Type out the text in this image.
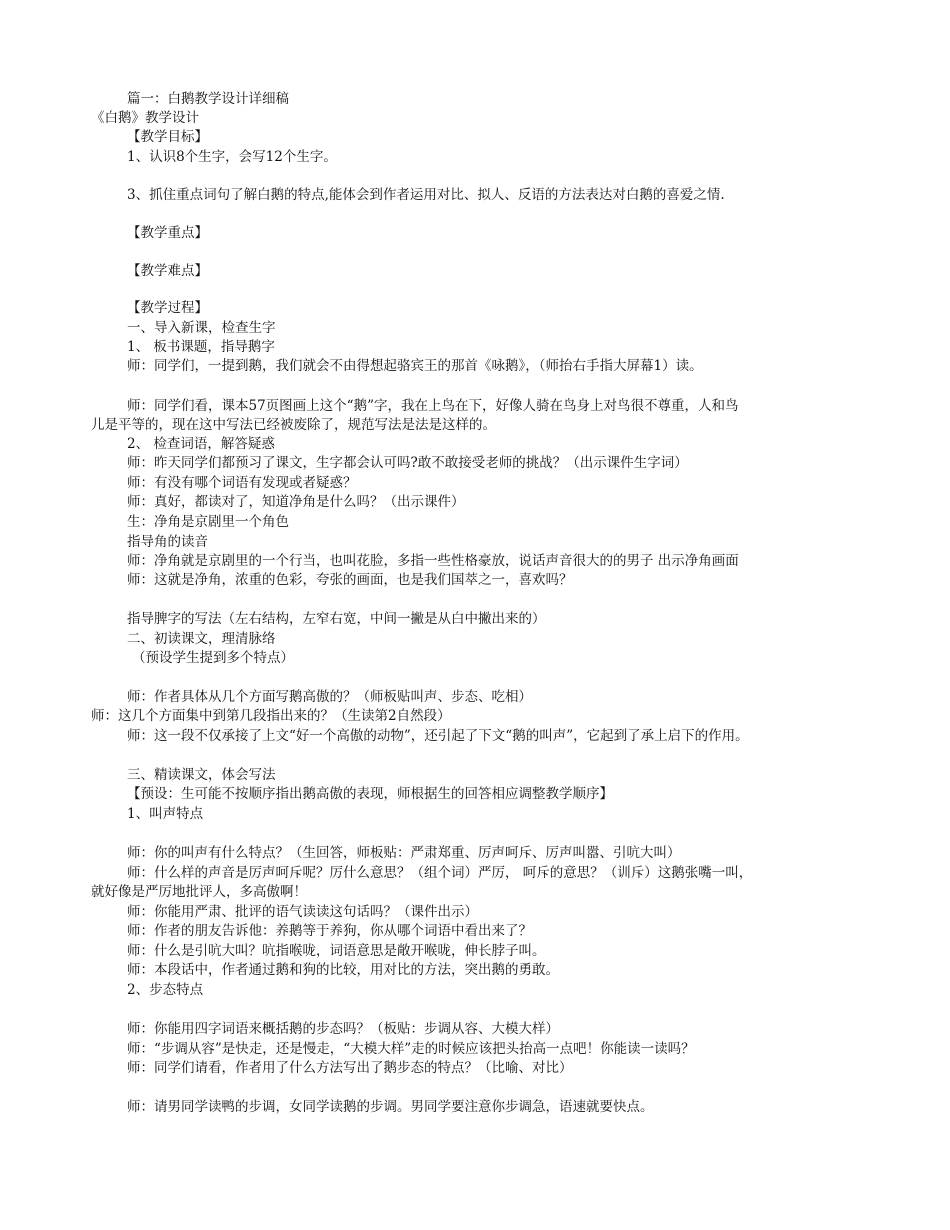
篇一：白鹅教学设计详细稿
《白鹅》教学设计
【教学目标】
1、认识8个生字，会写12个生字。
3、抓住重点词句了解白鹅的特点,能体会到作者运用对比、拟人、反语的方法表达对白鹅的喜爱之情.
【教学重点】
【教学难点】
【教学过程】
一、导入新课，检查生字
1、 板书课题，指导鹅字
师：同学们，一提到鹅，我们就会不由得想起骆宾王的那首《咏鹅》，（师抬右手指大屏幕1）读。
师：同学们看，课本57页图画上这个“鹅”字，我在上鸟在下，好像人骑在鸟身上对鸟很不尊重，人和鸟
儿是平等的，现在这中写法已经被废除了，规范写法是法是这样的。
2、 检查词语，解答疑惑
师：昨天同学们都预习了课文，生字都会认可吗?敢不敢接受老师的挑战？（出示课件生字词）
师：有没有哪个词语有发现或者疑惑？
师：真好，都读对了，知道净角是什么吗？（出示课件）
生：净角是京剧里一个角色
指导角的读音
师：净角就是京剧里的一个行当，也叫花脸，多指一些性格豪放，说话声音很大的的男子 出示净角画面
师：这就是净角，浓重的色彩，夸张的画面，也是我们国萃之一，喜欢吗？
指导脾字的写法（左右结构，左窄右宽，中间一撇是从白中撇出来的）
二、初读课文，理清脉络
（预设学生提到多个特点）
师：作者具体从几个方面写鹅高傲的？（师板贴叫声、步态、吃相）
师：这几个方面集中到第几段指出来的？（生读第2自然段）
师：这一段不仅承接了上文“好一个高傲的动物”，还引起了下文“鹅的叫声”，它起到了承上启下的作用。
三、精读课文，体会写法
【预设：生可能不按顺序指出鹅高傲的表现，师根据生的回答相应调整教学顺序】
1、叫声特点
师：你的叫声有什么特点？（生回答，师板贴：严肃郑重、厉声呵斥、厉声叫嚣、引吭大叫）
师：什么样的声音是厉声呵斥呢？厉什么意思？（组个词）严厉， 呵斥的意思？（训斥）这鹅张嘴一叫，
就好像是严厉地批评人，多高傲啊！
师：你能用严肃、批评的语气读读这句话吗？（课件出示）
师：作者的朋友告诉他：养鹅等于养狗，你从哪个词语中看出来了？
师：什么是引吭大叫？吭指喉咙，词语意思是敞开喉咙，伸长脖子叫。
师：本段话中，作者通过鹅和狗的比较，用对比的方法，突出鹅的勇敢。
2、步态特点
师：你能用四字词语来概括鹅的步态吗？（板贴：步调从容、大模大样）
师：“步调从容”是快走，还是慢走，“大模大样”走的时候应该把头抬高一点吧！你能读一读吗？
师：同学们请看，作者用了什么方法写出了鹅步态的特点？（比喻、对比）
师：请男同学读鸭的步调，女同学读鹅的步调。男同学要注意你步调急，语速就要快点。
